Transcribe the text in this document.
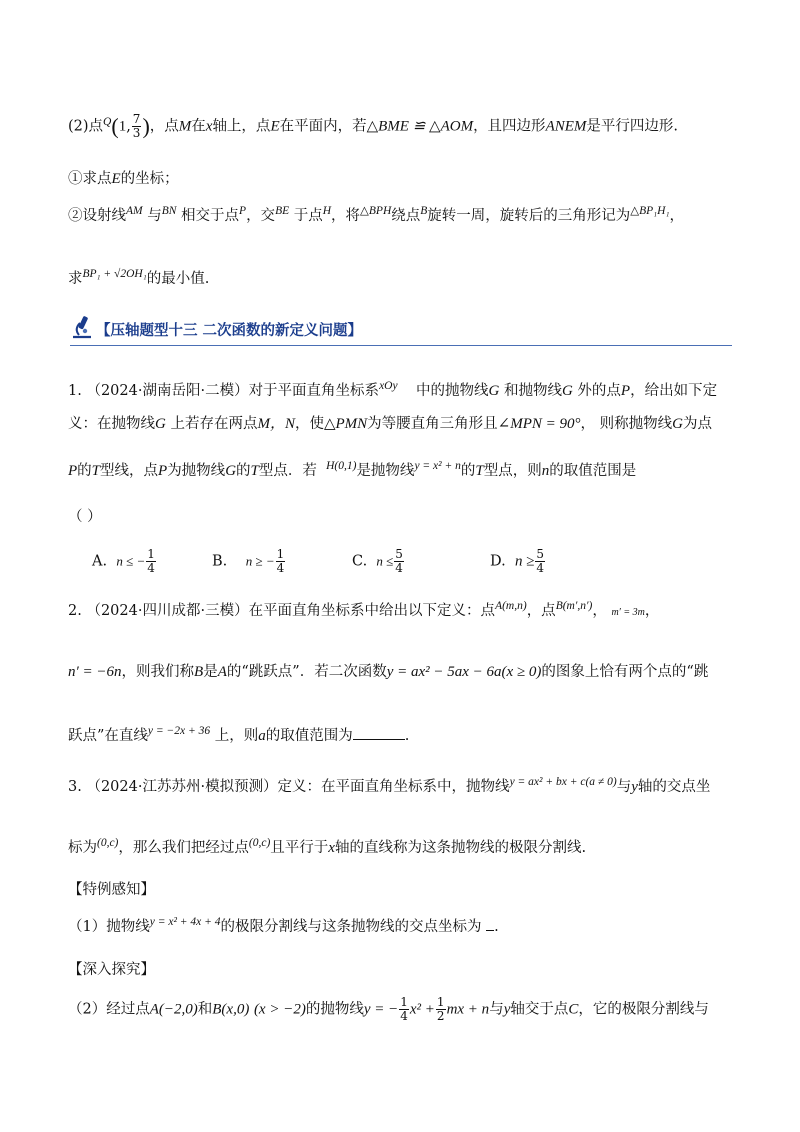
(2)点$^Q$(1, $\frac{7}{3}$ )，点M在x轴上，点E在平面内，若△BME ≌ △AOM，且四边形ANEM是平行四边形.
①求点E的坐标；
②设射线$^{AM}$ 与$^{BN}$ 相交于点$^P$，交$^{BE}$ 于点$^H$，将$^{\triangle BPH}$绕点$^B$旋转一周，旋转后的三角形记为$^{\triangle BP_1H_1}$，
求$^{BP_1 + √2OH_1}$的最小值.
【压轴题型十三 二次函数的新定义问题】
1. （2024·湖南岳阳·二模）对于平面直角坐标系$^{xOy}$ 中的抛物线G 和抛物线G 外的点P，给出如下定
义：在抛物线G 上若存在两点M，N，使△PMN为等腰直角三角形且∠MPN = 90°， 则称抛物线G为点
P的T型线，点P为抛物线G的T型点．若 $^{H(0,1)}$是抛物线$^{y = x^2 + n}$的T型点，则n的取值范围是
（ ）
A. n ≤ − $\frac{1}{4}$	B. n ≥ − $\frac{1}{4}$	C. $n \le \frac{5}{4}$	D. $n \ge \frac{5}{4}$
2. （2024·四川成都·三模）在平面直角坐标系中给出以下定义：点$^{A(m,n)}$，点$^{B(m',n')}$， m′ = 3m，
n′ = −6n，则我们称B是A的“跳跃点”．若二次函数y = ax² − 5ax − 6a(x ≥ 0)的图象上恰有两个点的“跳
跃点”在直线$^{y = -2x + 36}$ 上，则a的取值范围为	.
3. （2024·江苏苏州·模拟预测）定义：在平面直角坐标系中，抛物线$^{y = ax^2 + bx + c(a \ne 0)}$与y轴的交点坐
标为$^{(0,c)}$，那么我们把经过点$^{(0,c)}$且平行于x轴的直线称为这条抛物线的极限分割线.
【特例感知】
（1）抛物线$^{y = x^2 + 4x + 4}$的极限分割线与这条抛物线的交点坐标为 .
【深入探究】
（2）经过点A(−2,0)和B(x,0) (x > −2)的抛物线y = − $\frac{1}{4} x^2 + \frac{1}{2}$ mx + n与y轴交于点C，它的极限分割线与
